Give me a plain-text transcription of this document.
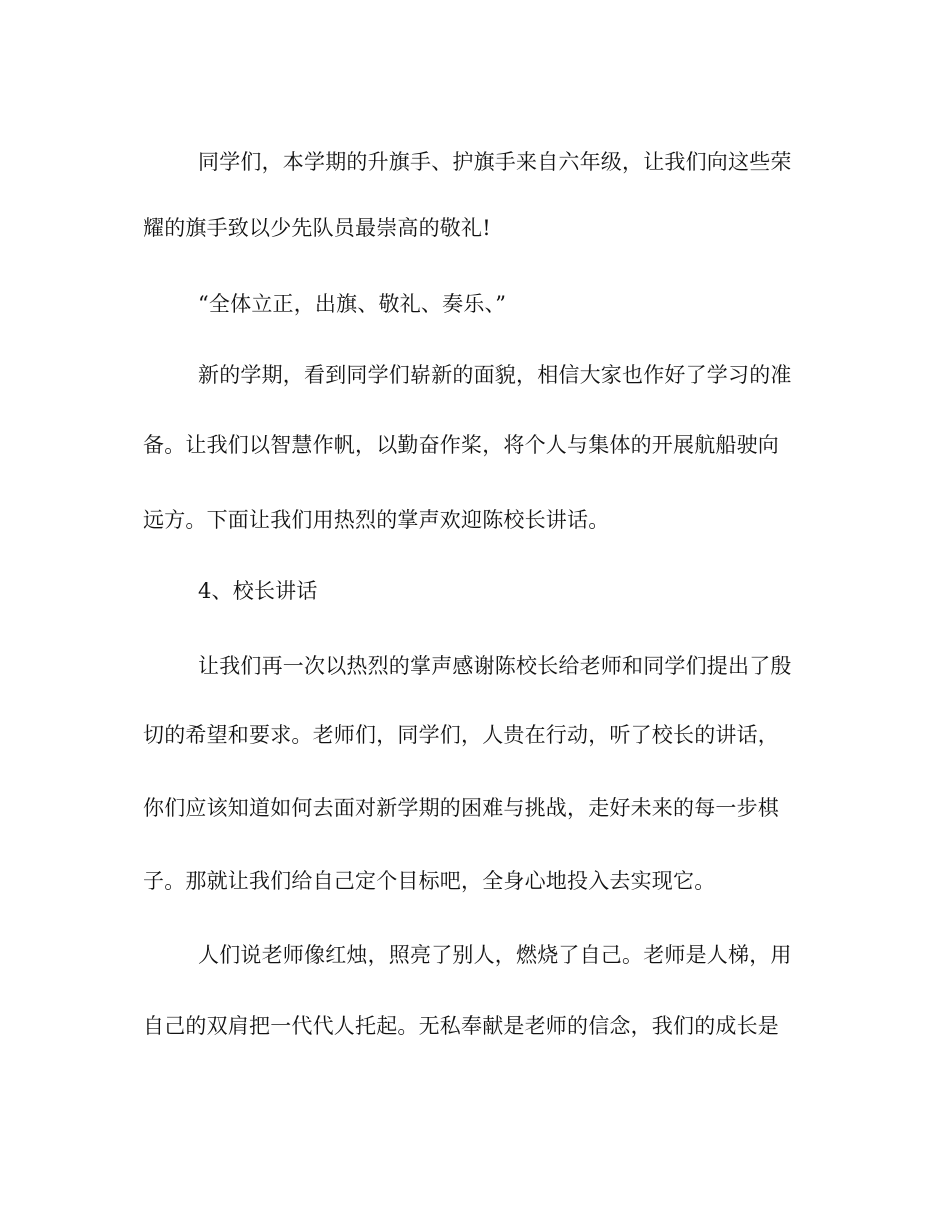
同学们，本学期的升旗手、护旗手来自六年级，让我们向这些荣
耀的旗手致以少先队员最崇高的敬礼!
“全体立正，出旗、敬礼、奏乐、”
新的学期，看到同学们崭新的面貌，相信大家也作好了学习的准
备。让我们以智慧作帆，以勤奋作桨，将个人与集体的开展航船驶向
远方。下面让我们用热烈的掌声欢迎陈校长讲话。
4、校长讲话
让我们再一次以热烈的掌声感谢陈校长给老师和同学们提出了殷
切的希望和要求。老师们，同学们，人贵在行动，听了校长的讲话，
你们应该知道如何去面对新学期的困难与挑战，走好未来的每一步棋
子。那就让我们给自己定个目标吧，全身心地投入去实现它。
人们说老师像红烛，照亮了别人，燃烧了自己。老师是人梯，用
自己的双肩把一代代人托起。无私奉献是老师的信念，我们的成长是
